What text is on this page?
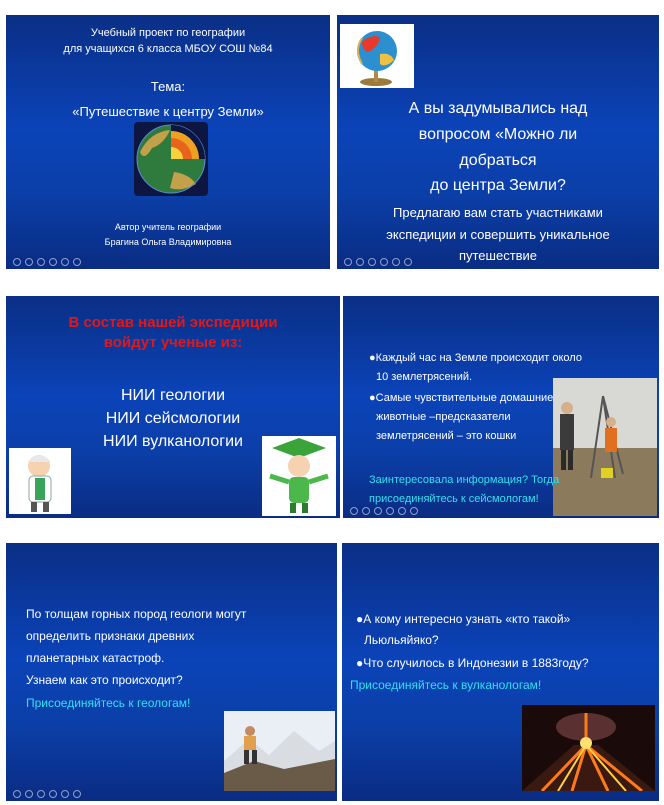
Учебный проект по географии
для учащихся 6 класса МБОУ СОШ №84
Тема:
«Путешествие к центру Земли»
Автор учитель географии
Брагина Ольга Владимировна
А вы задумывались над
вопросом «Можно ли
добраться
до центра Земли?
Предлагаю вам стать участниками
экспедиции и совершить уникальное
путешествие
В состав нашей экспедиции
войдут ученые из:
НИИ геологии
НИИ сейсмологии
НИИ вулканологии
●Каждый час на Земле происходит около
10 землетрясений.
●Самые чувствительные домашние
животные –предсказатели
землетрясений – это кошки
Заинтересовала информация? Тогда
присоединяйтесь к сейсмологам!
По толщам горных пород геологи могут
определить признаки древних
планетарных катастроф.
Узнаем как это происходит?
Присоединяйтесь к геологам!
●А кому интересно узнать «кто такой»
Льюльяйяко?
●Что случилось в Индонезии в 1883году?
Присоединяйтесь к вулканологам!
